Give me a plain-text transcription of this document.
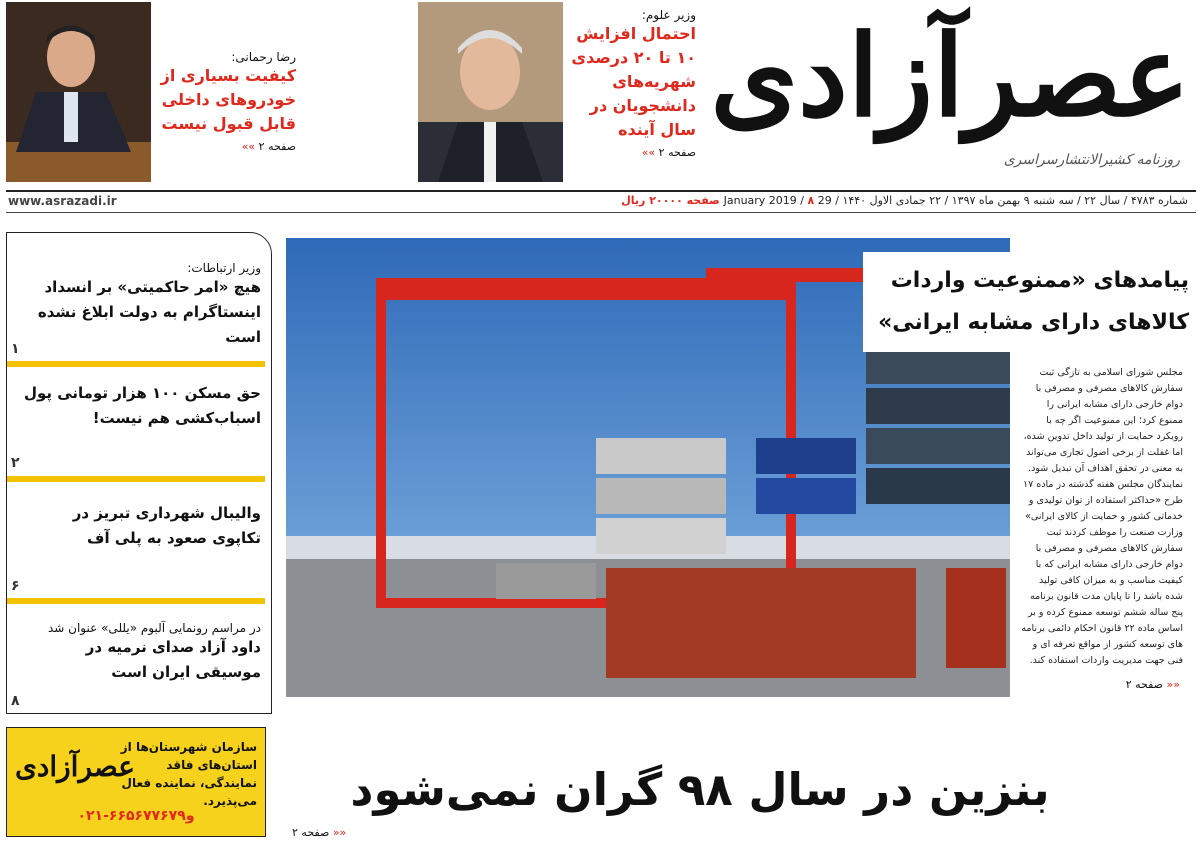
عصرآزادی
روزنامه کشیرالانتشارسراسری
وزیر علوم:
احتمال افزایش ۱۰ تا ۲۰ درصدی شهریه‌های دانشجویان در سال آینده
صفحه ۲ »»
رضا رحمانی:
کیفیت بسیاری از خودروهای داخلی قابل قبول نیست
صفحه ۲ »»
شماره ۴۷۸۳ / سال ۲۲ / سه شنبه ۹ بهمن ماه ۱۳۹۷ / ۲۲ جمادی الاول ۱۴۴۰ / 29 January 2019 / ۸ صفحه ۲۰۰۰۰ ریال
www.asrazadi.ir
وزیر ارتباطات:
هیچ «امر حاکمیتی» بر انسداد اینستاگرام به دولت ابلاغ نشده است
۱
حق مسکن ۱۰۰ هزار تومانی پول اسباب‌کشی هم نیست!
۲
والیبال شهرداری تبریز در تکاپوی صعود به پلی آف
۶
در مراسم رونمایی آلبوم «یللی» عنوان شد
داود آزاد صدای نرمیه در موسیقی ایران است
۸
عصرآزادی
سازمان شهرستان‌ها از استان‌های فاقد نمایندگی، نماینده فعال می‌پذیرد.
۰۲۱-۶۶۵۶۷۷۶۷و۹
صفحه ۲ »»
پیامدهای «ممنوعیت واردات کالاهای دارای مشابه ایرانی»
مجلس شورای اسلامی به تازگی ثبت سفارش کالاهای مصرفی و مصرفی با دوام خارجی دارای مشابه ایرانی را ممنوع کرد؛ این ممنوعیت اگر چه با رویکرد حمایت از تولید داخل تدوین شده، اما غفلت از برخی اصول تجاری می‌تواند به معنی در تحقق اهداف آن تبدیل شود. نمایندگان مجلس هفته گذشته در ماده ۱۷ طرح «حداکثر استفاده از توان تولیدی و خدماتی کشور و حمایت از کالای ایرانی» وزارت صنعت را موظف کردند ثبت سفارش کالاهای مصرفی و مصرفی با دوام خارجی دارای مشابه ایرانی که با کیفیت مناسب و به میزان کافی تولید شده باشد را تا پایان مدت قانون برنامه پنج ساله ششم توسعه ممنوع کرده و بر اساس ماده ۲۲ قانون احکام دائمی برنامه های توسعه کشور از مواقع تعرفه ای و فنی جهت مدیریت واردات استفاده کند.
صفحه ۲ »»
بنزین در سال ۹۸ گران نمی‌شود
